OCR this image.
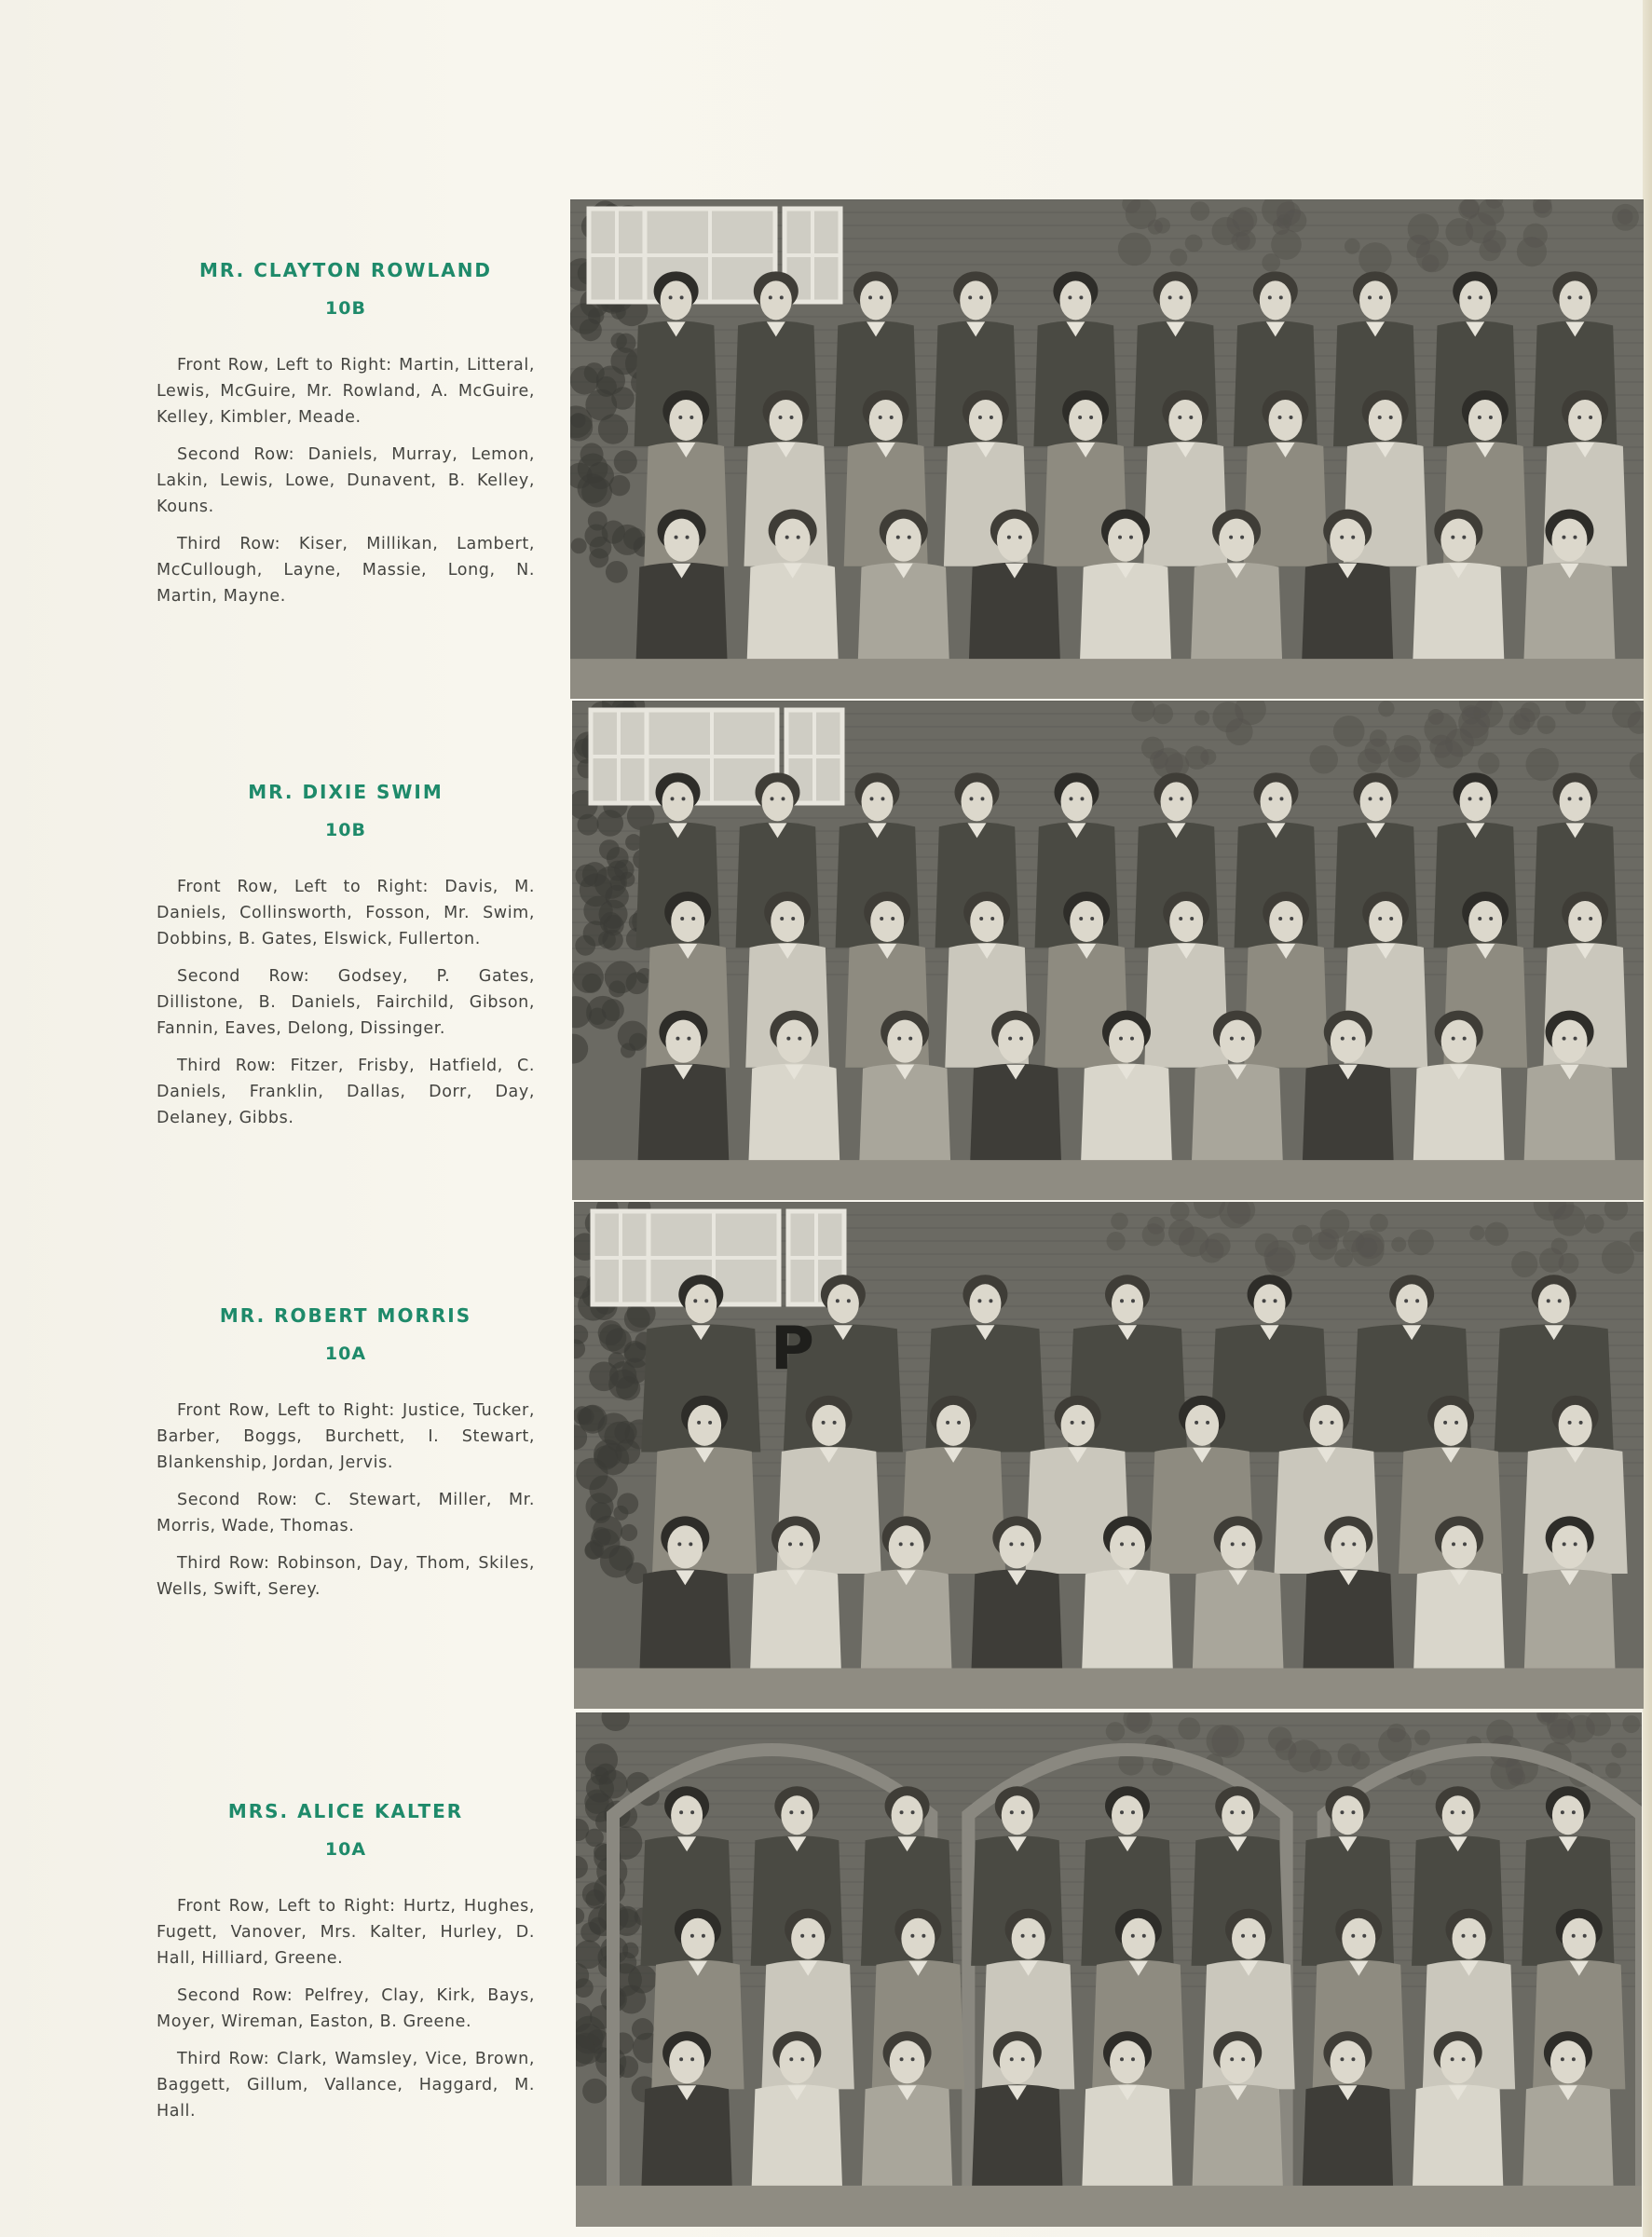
MR. CLAYTON ROWLAND
10B

Front Row, Left to Right: Martin, Litteral, Lewis, McGuire, Mr. Rowland, A. McGuire, Kelley, Kimbler, Meade.

Second Row: Daniels, Murray, Lemon, Lakin, Lewis, Lowe, Dunavent, B. Kelley, Kouns.

Third Row: Kiser, Millikan, Lambert, McCullough, Layne, Massie, Long, N. Martin, Mayne.

MR. DIXIE SWIM
10B

Front Row, Left to Right: Davis, M. Daniels, Collinsworth, Fosson, Mr. Swim, Dobbins, B. Gates, Elswick, Fullerton.

Second Row: Godsey, P. Gates, Dillistone, B. Daniels, Fairchild, Gibson, Fannin, Eaves, Delong, Dissinger.

Third Row: Fitzer, Frisby, Hatfield, C. Daniels, Franklin, Dallas, Dorr, Day, Delaney, Gibbs.

MR. ROBERT MORRIS
10A

Front Row, Left to Right: Justice, Tucker, Barber, Boggs, Burchett, I. Stewart, Blankenship, Jordan, Jervis.

Second Row: C. Stewart, Miller, Mr. Morris, Wade, Thomas.

Third Row: Robinson, Day, Thom, Skiles, Wells, Swift, Serey.

MRS. ALICE KALTER
10A

Front Row, Left to Right: Hurtz, Hughes, Fugett, Vanover, Mrs. Kalter, Hurley, D. Hall, Hilliard, Greene.

Second Row: Pelfrey, Clay, Kirk, Bays, Moyer, Wireman, Easton, B. Greene.

Third Row: Clark, Wamsley, Vice, Brown, Baggett, Gillum, Vallance, Haggard, M. Hall.

P
